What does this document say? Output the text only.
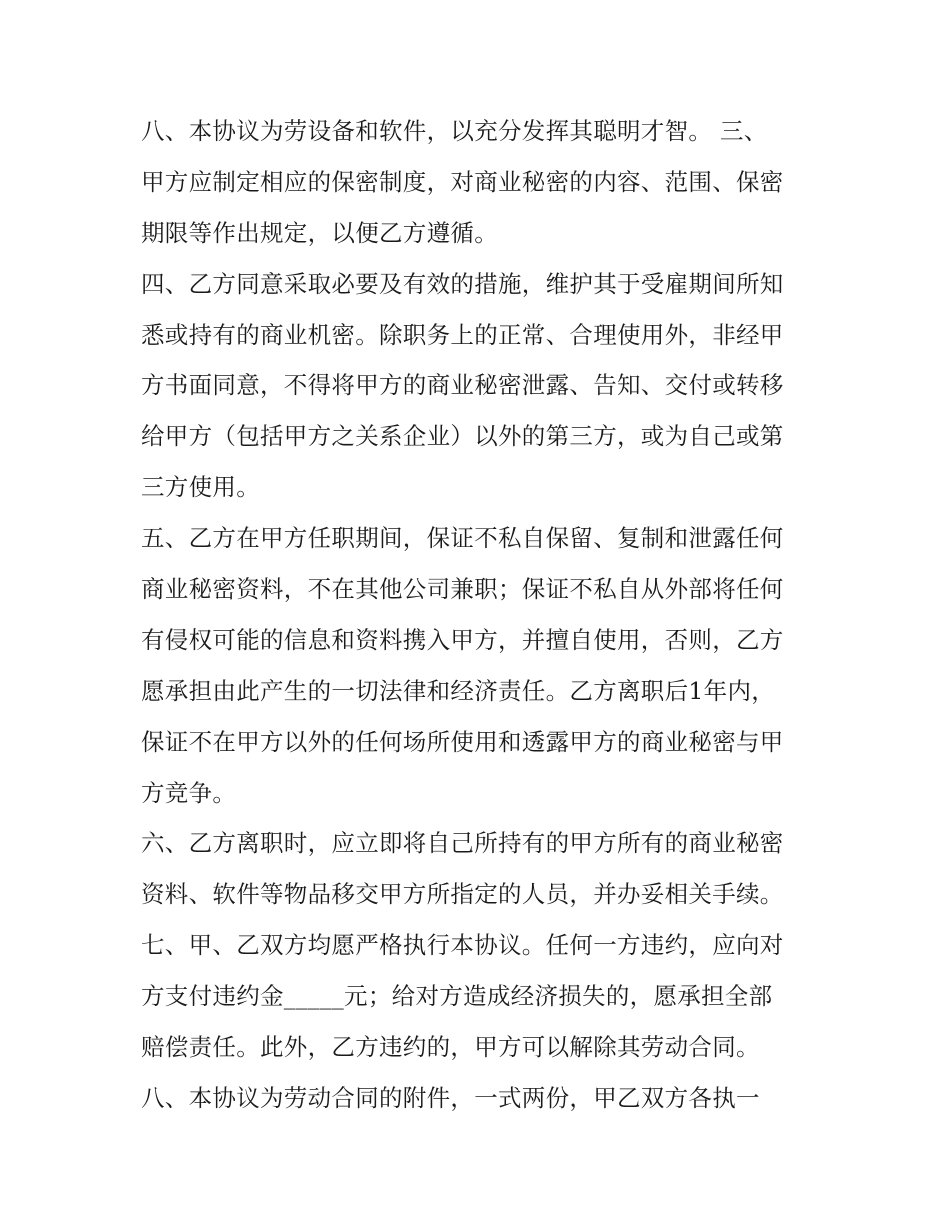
八、本协议为劳设备和软件，以充分发挥其聪明才智。 三、
甲方应制定相应的保密制度，对商业秘密的内容、范围、保密
期限等作出规定，以便乙方遵循。
四、乙方同意采取必要及有效的措施，维护其于受雇期间所知
悉或持有的商业机密。除职务上的正常、合理使用外，非经甲
方书面同意，不得将甲方的商业秘密泄露、告知、交付或转移
给甲方（包括甲方之关系企业）以外的第三方，或为自己或第
三方使用。
五、乙方在甲方任职期间，保证不私自保留、复制和泄露任何
商业秘密资料，不在其他公司兼职；保证不私自从外部将任何
有侵权可能的信息和资料携入甲方，并擅自使用，否则，乙方
愿承担由此产生的一切法律和经济责任。乙方离职后1年内，
保证不在甲方以外的任何场所使用和透露甲方的商业秘密与甲
方竞争。
六、乙方离职时，应立即将自己所持有的甲方所有的商业秘密
资料、软件等物品移交甲方所指定的人员，并办妥相关手续。
七、甲、乙双方均愿严格执行本协议。任何一方违约，应向对
方支付违约金_____元；给对方造成经济损失的，愿承担全部
赔偿责任。此外，乙方违约的，甲方可以解除其劳动合同。
八、本协议为劳动合同的附件，一式两份，甲乙双方各执一
